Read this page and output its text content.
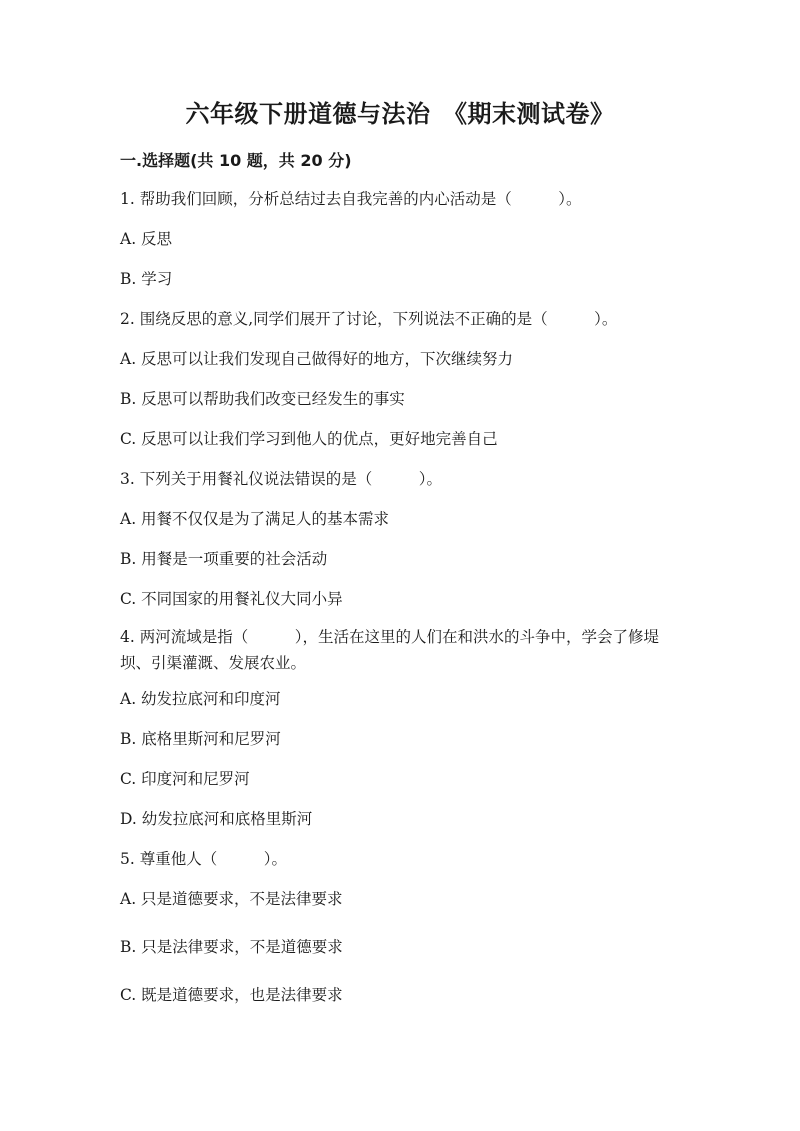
六年级下册道德与法治　《期末测试卷》
一.选择题(共 10 题，共 20 分)
1. 帮助我们回顾，分析总结过去自我完善的内心活动是（　　　）。
A. 反思
B. 学习
2. 围绕反思的意义,同学们展开了讨论，下列说法不正确的是（　　　）。
A. 反思可以让我们发现自己做得好的地方，下次继续努力
B. 反思可以帮助我们改变已经发生的事实
C. 反思可以让我们学习到他人的优点，更好地完善自己
3. 下列关于用餐礼仪说法错误的是（　　　）。
A. 用餐不仅仅是为了满足人的基本需求
B. 用餐是一项重要的社会活动
C. 不同国家的用餐礼仪大同小异
4. 两河流域是指（　　　），生活在这里的人们在和洪水的斗争中，学会了修堤坝、引渠灌溉、发展农业。
A. 幼发拉底河和印度河
B. 底格里斯河和尼罗河
C. 印度河和尼罗河
D. 幼发拉底河和底格里斯河
5. 尊重他人（　　　）。
A. 只是道德要求，不是法律要求
B. 只是法律要求，不是道德要求
C. 既是道德要求，也是法律要求
